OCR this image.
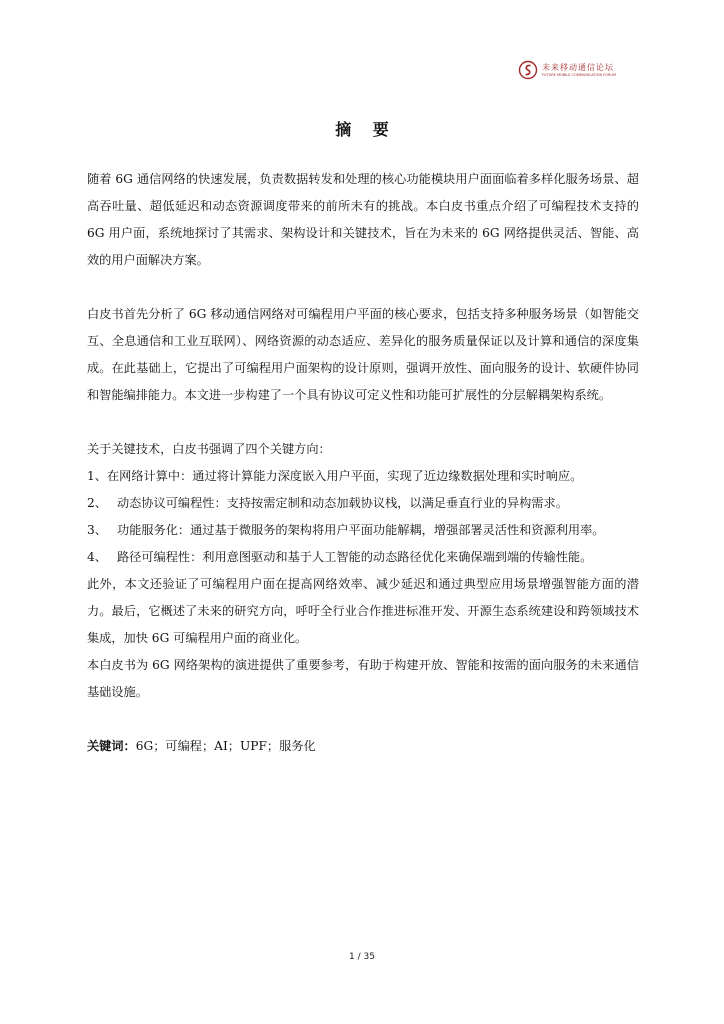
未来移动通信论坛
FUTURE MOBILE COMMUNICATION FORUM
摘 要

随着 6G 通信网络的快速发展，负责数据转发和处理的核心功能模块用户面面临着多样化服务场景、超高吞吐量、超低延迟和动态资源调度带来的前所未有的挑战。本白皮书重点介绍了可编程技术支持的 6G 用户面，系统地探讨了其需求、架构设计和关键技术，旨在为未来的 6G 网络提供灵活、智能、高效的用户面解决方案。

白皮书首先分析了 6G 移动通信网络对可编程用户平面的核心要求，包括支持多种服务场景（如智能交互、全息通信和工业互联网）、网络资源的动态适应、差异化的服务质量保证以及计算和通信的深度集成。在此基础上，它提出了可编程用户面架构的设计原则，强调开放性、面向服务的设计、软硬件协同和智能编排能力。本文进一步构建了一个具有协议可定义性和功能可扩展性的分层解耦架构系统。

关于关键技术，白皮书强调了四个关键方向：

1、 在网络计算中：通过将计算能力深度嵌入用户平面，实现了近边缘数据处理和实时响应。
2、 动态协议可编程性：支持按需定制和动态加载协议栈，以满足垂直行业的异构需求。
3、 功能服务化：通过基于微服务的架构将用户平面功能解耦，增强部署灵活性和资源利用率。
4、 路径可编程性：利用意图驱动和基于人工智能的动态路径优化来确保端到端的传输性能。

此外，本文还验证了可编程用户面在提高网络效率、减少延迟和通过典型应用场景增强智能方面的潜力。最后，它概述了未来的研究方向，呼吁全行业合作推进标准开发、开源生态系统建设和跨领域技术集成，加快 6G 可编程用户面的商业化。

本白皮书为 6G 网络架构的演进提供了重要参考，有助于构建开放、智能和按需的面向服务的未来通信基础设施。

关键词：6G；可编程；AI；UPF；服务化

1 / 35
